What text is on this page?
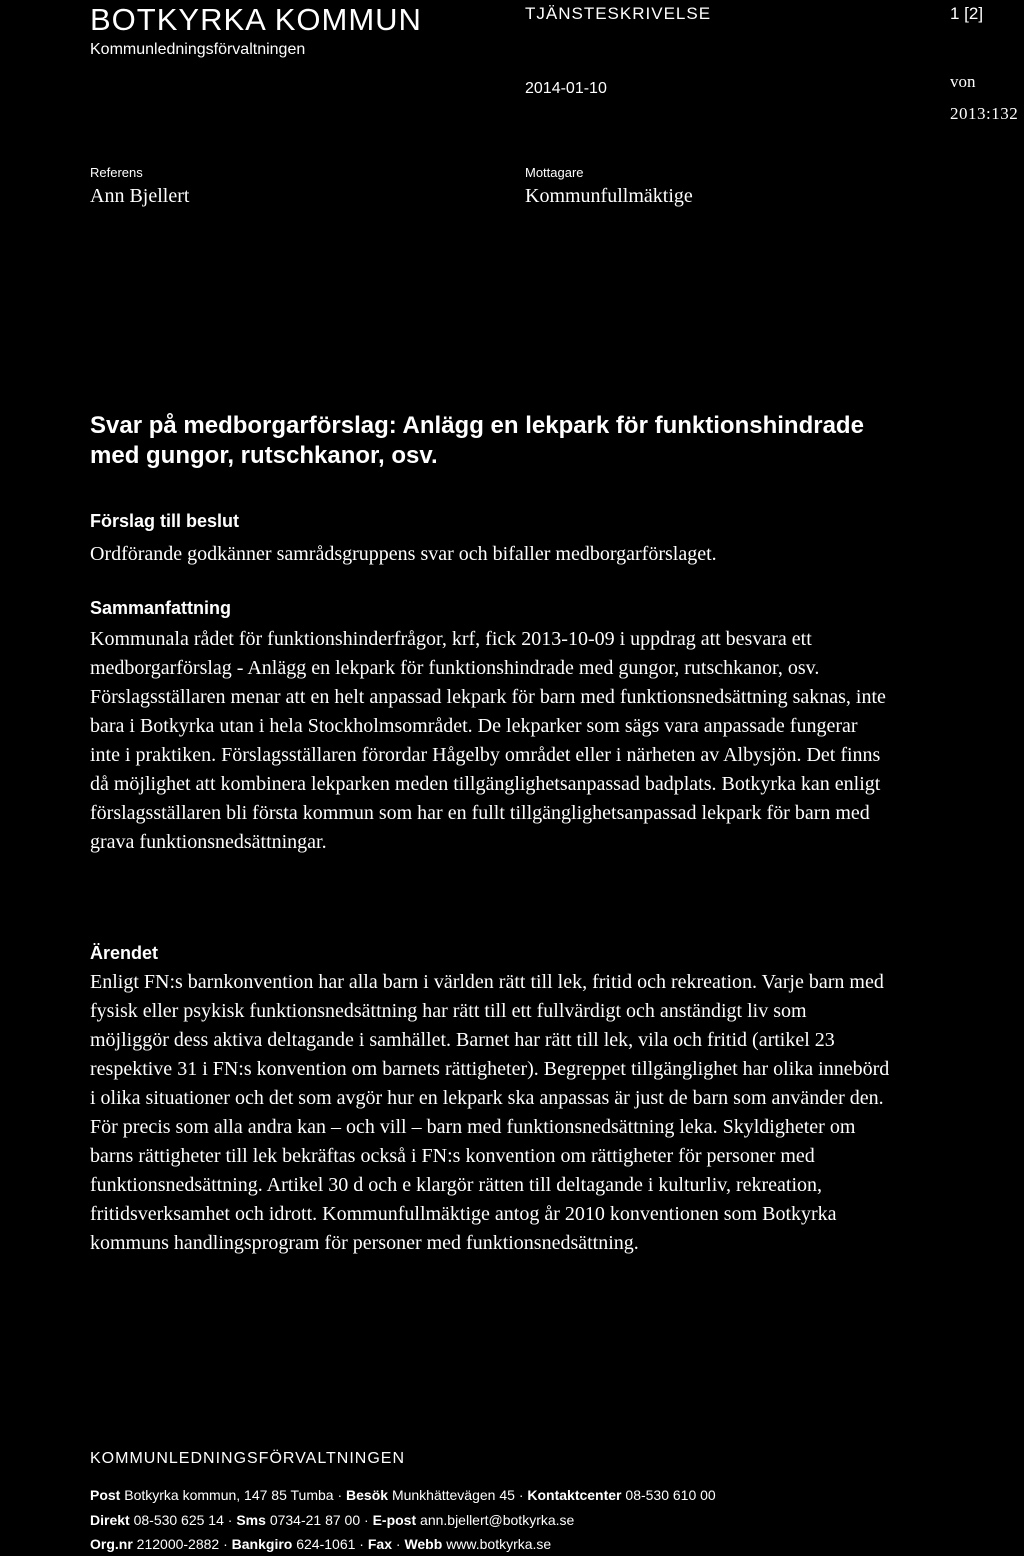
BOTKYRKA KOMMUN
Kommunledningsförvaltningen
TJÄNSTESKRIVELSE	1 [2]
2014-01-10	von
2013:132
Referens
Ann Bjellert
Mottagare
Kommunfullmäktige
Svar på medborgarförslag: Anlägg en lekpark för funktionshindrade med gungor, rutschkanor, osv.
Förslag till beslut
Ordförande godkänner samrådsgruppens svar och bifaller medborgarförslaget.
Sammanfattning

Kommunala rådet för funktionshinderfrågor, krf, fick 2013-10-09 i uppdrag att besvara ett medborgarförslag - Anlägg en lekpark för funktionshindrade med gungor, rutschkanor, osv. Förslagsställaren menar att en helt anpassad lekpark för barn med funktionsnedsättning saknas, inte bara i Botkyrka utan i hela Stockholmsområdet. De lekparker som sägs vara anpassade fungerar inte i praktiken. Förslagsställaren förordar Hågelby området eller i närheten av Albysjön. Det finns då möjlighet att kombinera lekparken meden tillgänglighetsanpassad badplats. Botkyrka kan enligt förslagsställaren bli första kommun som har en fullt tillgänglighetsanpassad lekpark för barn med grava funktionsnedsättningar.

Ärendet

Enligt FN:s barnkonvention har alla barn i världen rätt till lek, fritid och rekreation. Varje barn med fysisk eller psykisk funktionsnedsättning har rätt till ett fullvärdigt och anständigt liv som möjliggör dess aktiva deltagande i samhället. Barnet har rätt till lek, vila och fritid (artikel 23 respektive 31 i FN:s konvention om barnets rättigheter). Begreppet tillgänglighet har olika innebörd i olika situationer och det som avgör hur en lekpark ska anpassas är just de barn som använder den. För precis som alla andra kan – och vill – barn med funktionsnedsättning leka. Skyldigheter om barns rättigheter till lek bekräftas också i FN:s konvention om rättigheter för personer med funktionsnedsättning. Artikel 30 d och e klargör rätten till deltagande i kulturliv, rekreation, fritidsverksamhet och idrott. Kommunfullmäktige antog år 2010 konventionen som Botkyrka kommuns handlingsprogram för personer med funktionsnedsättning.

KOMMUNLEDNINGSFÖRVALTNINGEN
Post Botkyrka kommun, 147 85 Tumba · Besök Munkhättevägen 45 · Kontaktcenter 08-530 610 00
Direkt 08-530 625 14 · Sms 0734-21 87 00 · E-post ann.bjellert@botkyrka.se
Org.nr 212000-2882 · Bankgiro 624-1061 · Fax · Webb www.botkyrka.se
